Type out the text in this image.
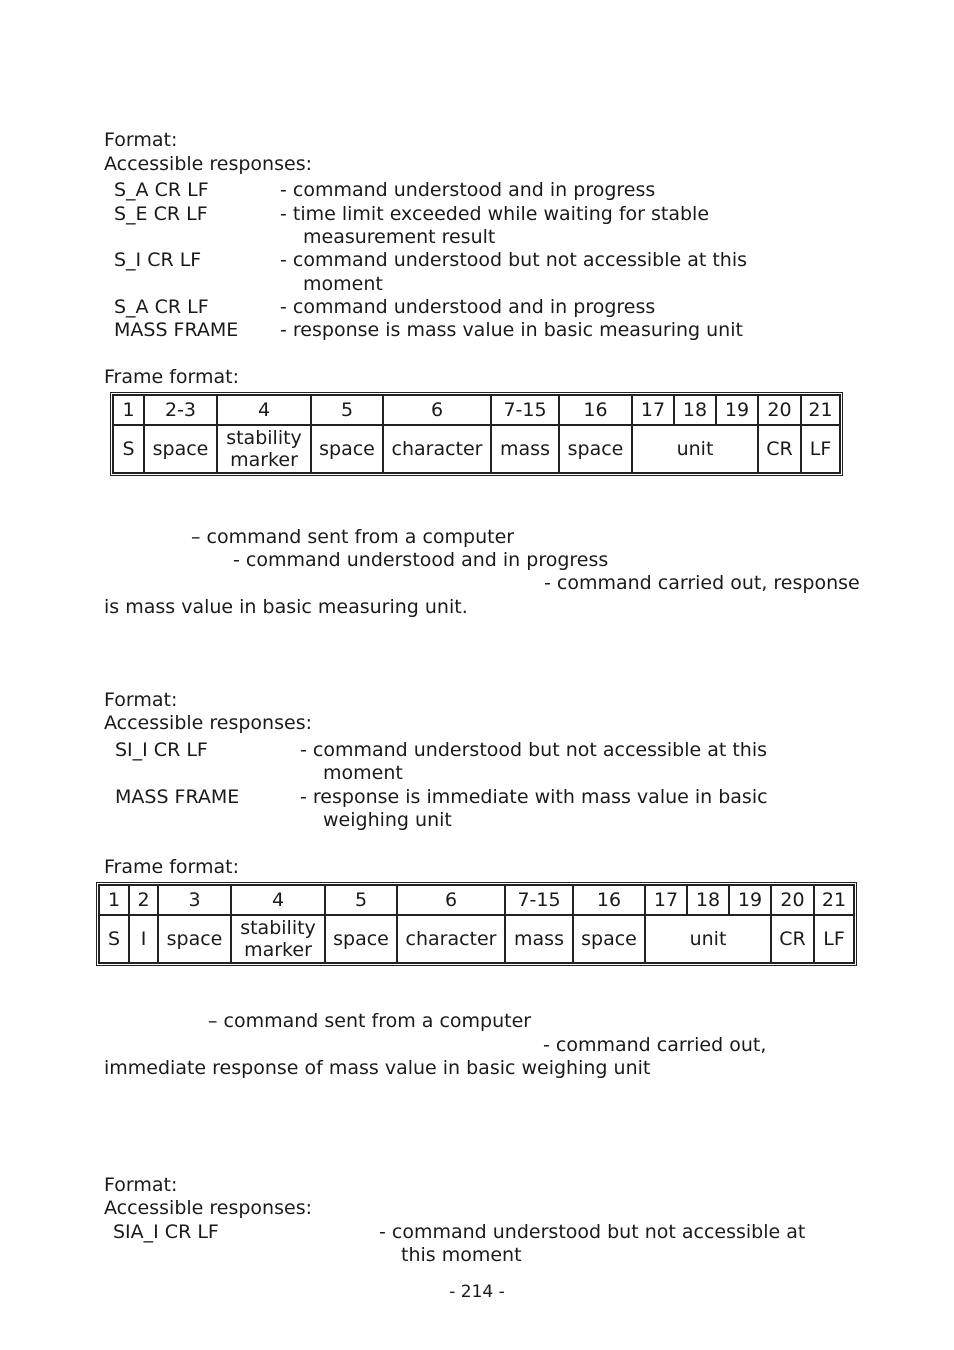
Format:
Accessible responses:
S_A CR LF	- command understood and in progress
S_E CR LF	- time limit exceeded while waiting for stable
measurement result
S_I CR LF	- command understood but not accessible at this
moment
S_A CR LF	- command understood and in progress
MASS FRAME - response is mass value in basic measuring unit
Frame format:
1	2-3	4	5	6	7-15	16	17	18	19	20	21
S	space	stability marker	space	character	mass	space	unit			CR	LF
– command sent from a computer
- command understood and in progress
- command carried out, response
is mass value in basic measuring unit.
Format:
Accessible responses:
SI_I CR LF	- command understood but not accessible at this
moment
MASS FRAME	- response is immediate with mass value in basic
weighing unit
Frame format:
1	2	3	4	5	6	7-15	16	17	18	19	20	21
S	I	space	stability marker	space	character	mass	space	unit			CR	LF
– command sent from a computer
- command carried out,
immediate response of mass value in basic weighing unit
Format:
Accessible responses:
SIA_I CR LF	- command understood but not accessible at
this moment
- 214 -
